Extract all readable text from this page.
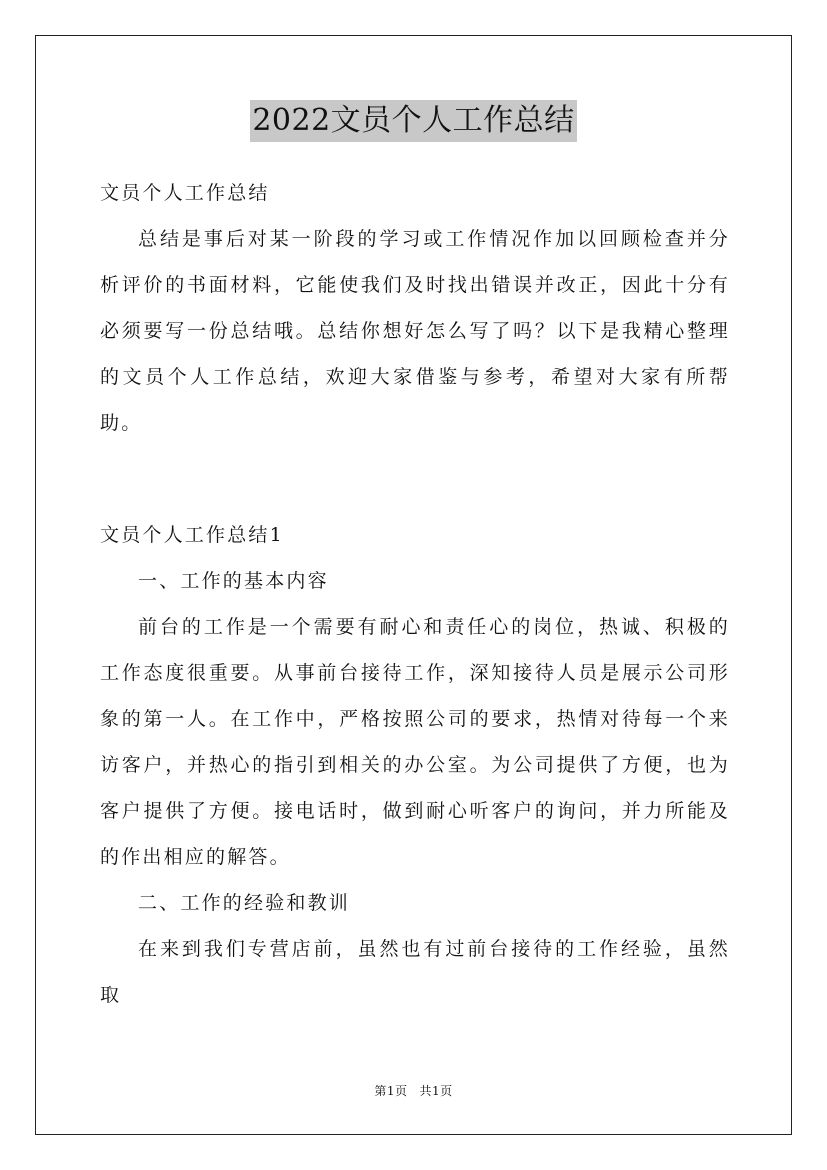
2022文员个人工作总结

文员个人工作总结

总结是事后对某一阶段的学习或工作情况作加以回顾检查并分析评价的书面材料，它能使我们及时找出错误并改正，因此十分有必须要写一份总结哦。总结你想好怎么写了吗？以下是我精心整理的文员个人工作总结，欢迎大家借鉴与参考，希望对大家有所帮助。

文员个人工作总结1

一、工作的基本内容

前台的工作是一个需要有耐心和责任心的岗位，热诚、积极的工作态度很重要。从事前台接待工作，深知接待人员是展示公司形象的第一人。在工作中，严格按照公司的要求，热情对待每一个来访客户，并热心的指引到相关的办公室。为公司提供了方便，也为客户提供了方便。接电话时，做到耐心听客户的询问，并力所能及的作出相应的解答。

二、工作的经验和教训

在来到我们专营店前，虽然也有过前台接待的工作经验，虽然取

第1页 共1页
